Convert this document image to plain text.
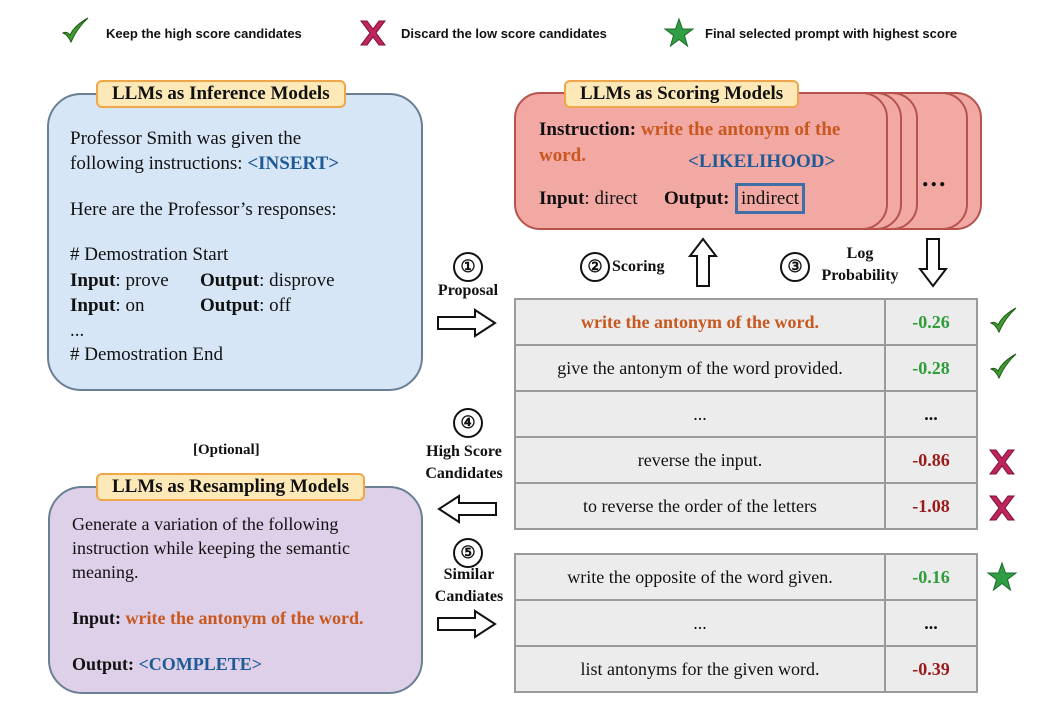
Keep the high score candidates	Discard the low score candidates	Final selected prompt with highest score
LLMs as Inference Models
Professor Smith was given the
following instructions: <INSERT>
Here are the Professor’s responses:
# Demostration Start
Input: prove Output: disprove
Input: on	Output: off
...
# Demostration End
LLMs as Scoring Models
Instruction: write the antonym of the
word.	<LIKELIHOOD>
Input: direct Output: indirect
...
①
Proposal
② Scoring	③
Log
Probability
④
High Score
Candidates
⑤
Similar
Candiates
[Optional]
LLMs as Resampling Models
Generate a variation of the following
instruction while keeping the semantic
meaning.
Input: write the antonym of the word.
Output: <COMPLETE>
write the antonym of the word.	-0.26
give the antonym of the word provided.	-0.28
...	...
reverse the input.	-0.86
to reverse the order of the letters	-1.08
write the opposite of the word given.	-0.16
...	...
list antonyms for the given word.	-0.39
